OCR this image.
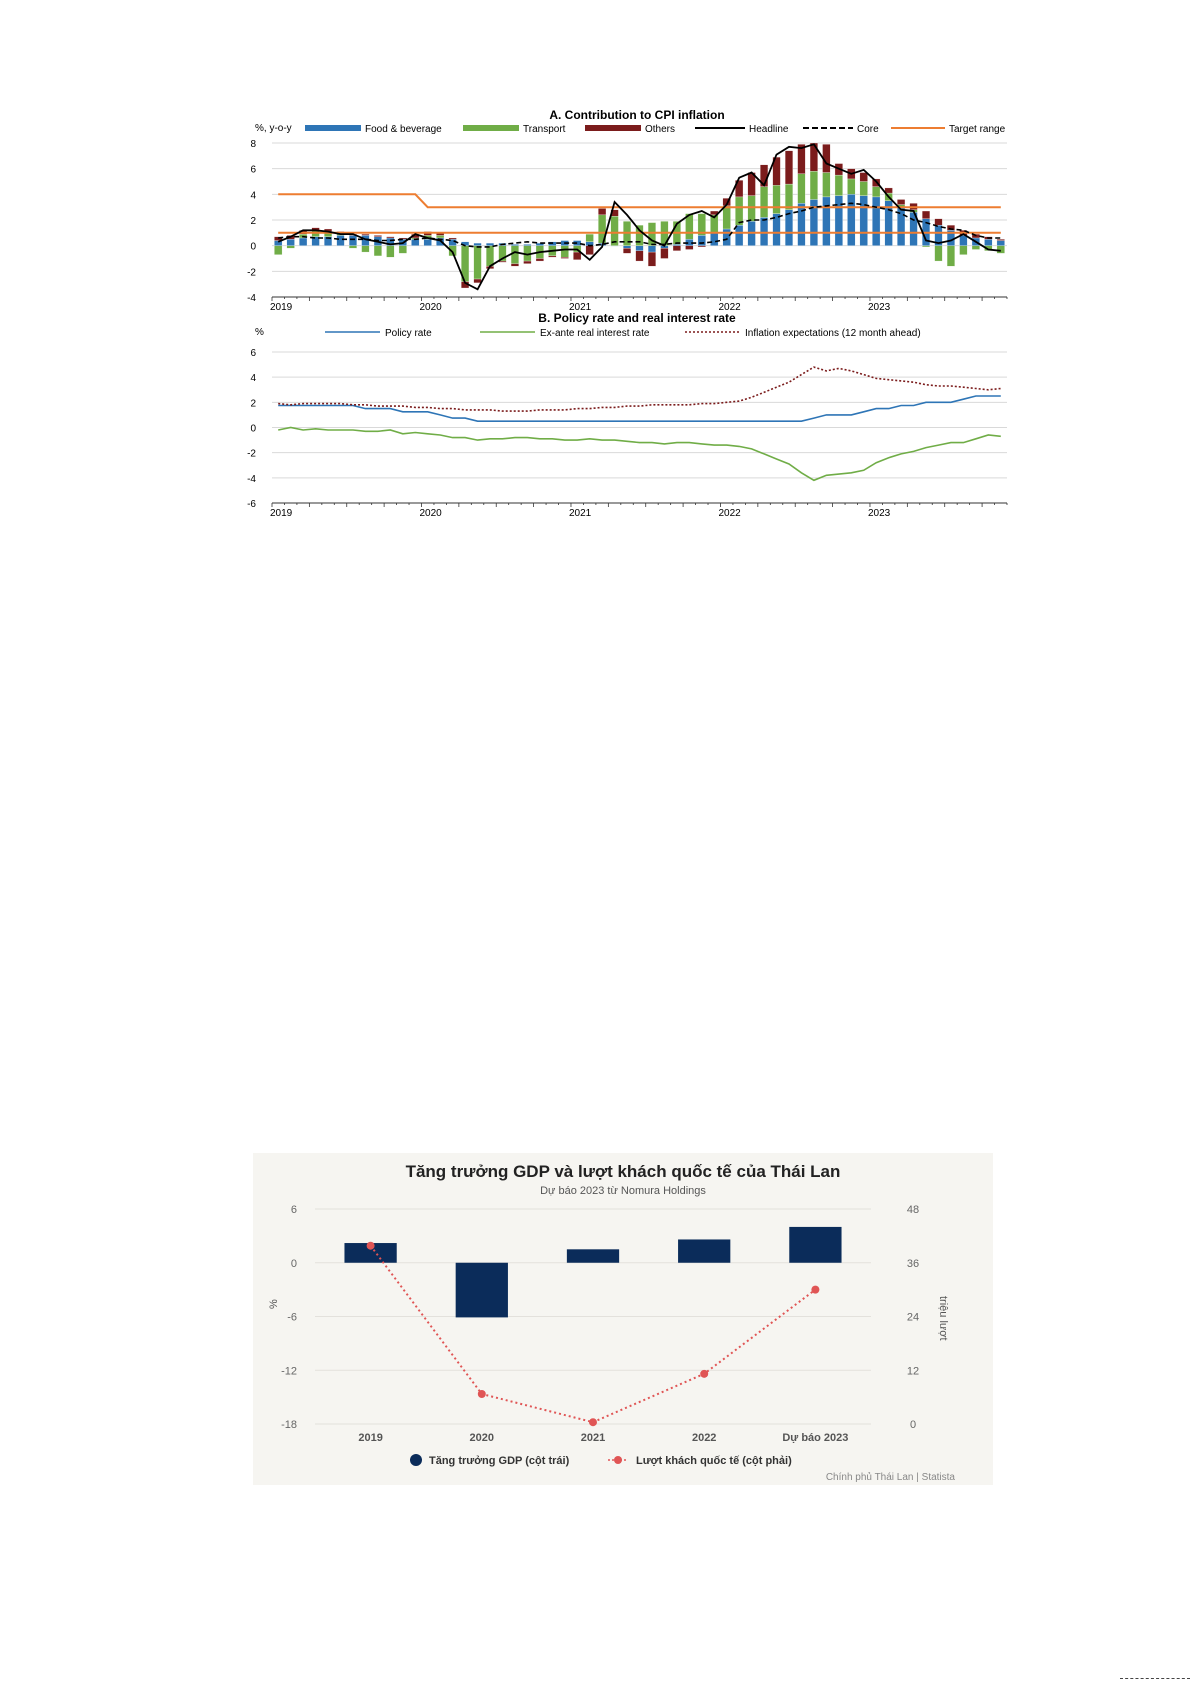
A. Contribution to CPI inflation
%, y-o-y	Food & beverage	Transport	Others	Headline	Core	Target range
-4
-2
0
2
4
6
8
2019	2020	2021	2022	2023
B. Policy rate and real interest rate
%	Policy rate	Ex-ante real interest rate	Inflation expectations (12 month ahead)
-6
-4
-2
0
2
4
6
2019	2020	2021	2022	2023
Tăng trưởng GDP và lượt khách quốc tế của Thái Lan
Dự báo 2023 từ Nomura Holdings
%	triệu lượt
Tăng trưởng GDP (cột trái)	Lượt khách quốc tế (cột phải)
Chính phủ Thái Lan | Statista
-18	0
-12	12
-6	24
0	36
6	48
2019	2020	2021	2022	Dự báo 2023
